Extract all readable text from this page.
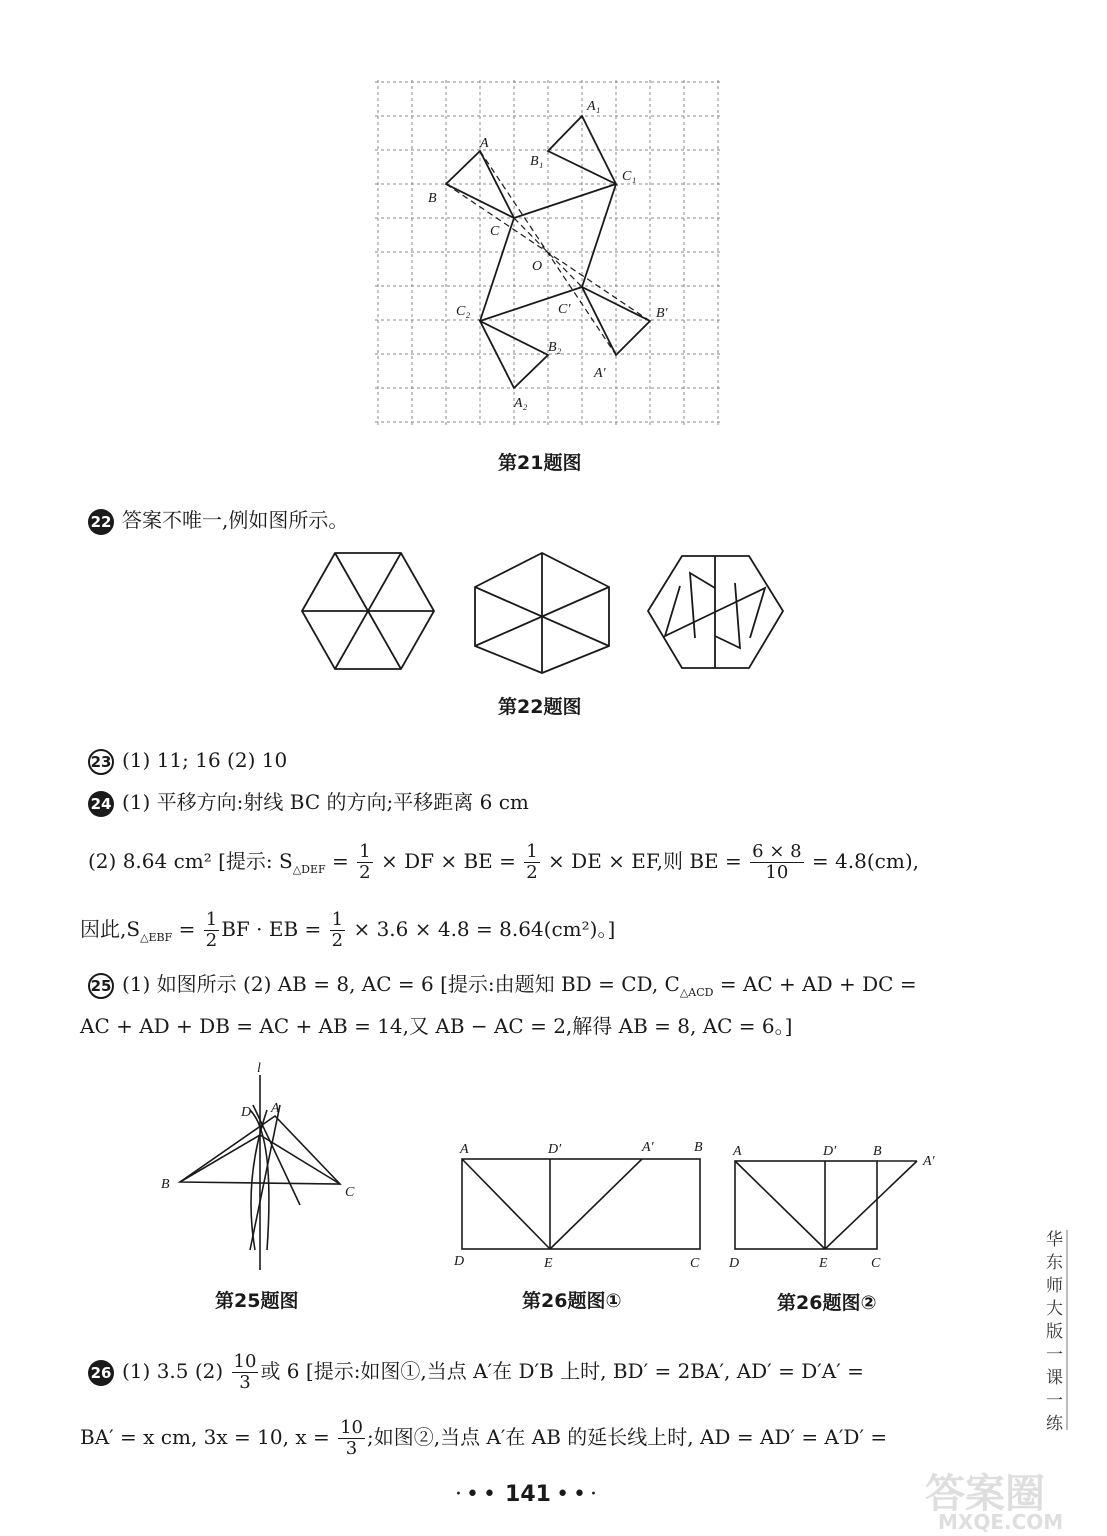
A
B
C
O
A₁
B₁
C₁
C′	B′
A′
C₂
B₂
A₂
第21题图
22 答案不唯一,例如图所示。
第22题图
23 (1) 11; 16 (2) 10
24 (1) 平移方向:射线 BC 的方向;平移距离 6 cm
(2) 8.64 cm² [提示: $S_{\triangle DEF} = \frac{1}{2}$ × DF × BE = $\frac{1}{2}$ × DE × EF,则 BE = $\frac{6 \times 8}{10} = 4.8(cm)$,
因此$,S_{\triangle EBF} = \frac{1}{2}$ BF · EB = $\frac{1}{2} \times 3.6 \times 4.8 = 8.64(cm^2)$。]
25 (1) 如图所示 (2) AB = 8, AC = 6 [提示:由题知 BD = CD, $C_{\triangle ACD}$ = AC + AD + DC =
AC + AD + DB = AC + AB = 14,又 AB − AC = 2,解得 AB = 8, AC = 6。]
l
D A
B
C
第25题图
A	D′	A′	B
D	E	C
第26题图①
A	D′	B
A′
D	E	C
第26题图②
26 (1) 3.5 $(2) \frac{10}{3}$ 或 6 [提示:如图①,当点 A′在 D′B 上时, BD′ = 2BA′, AD′ = D′A′ =
BA′ = x cm, 3x = 10, $x = \frac{10}{3}$ ;如图②,当点 A′在 AB 的延长线上时, AD = AD′ = A′D′ =	华东师大版一课一练
·•• 141 ••·	答案圈
MXQE.COM
